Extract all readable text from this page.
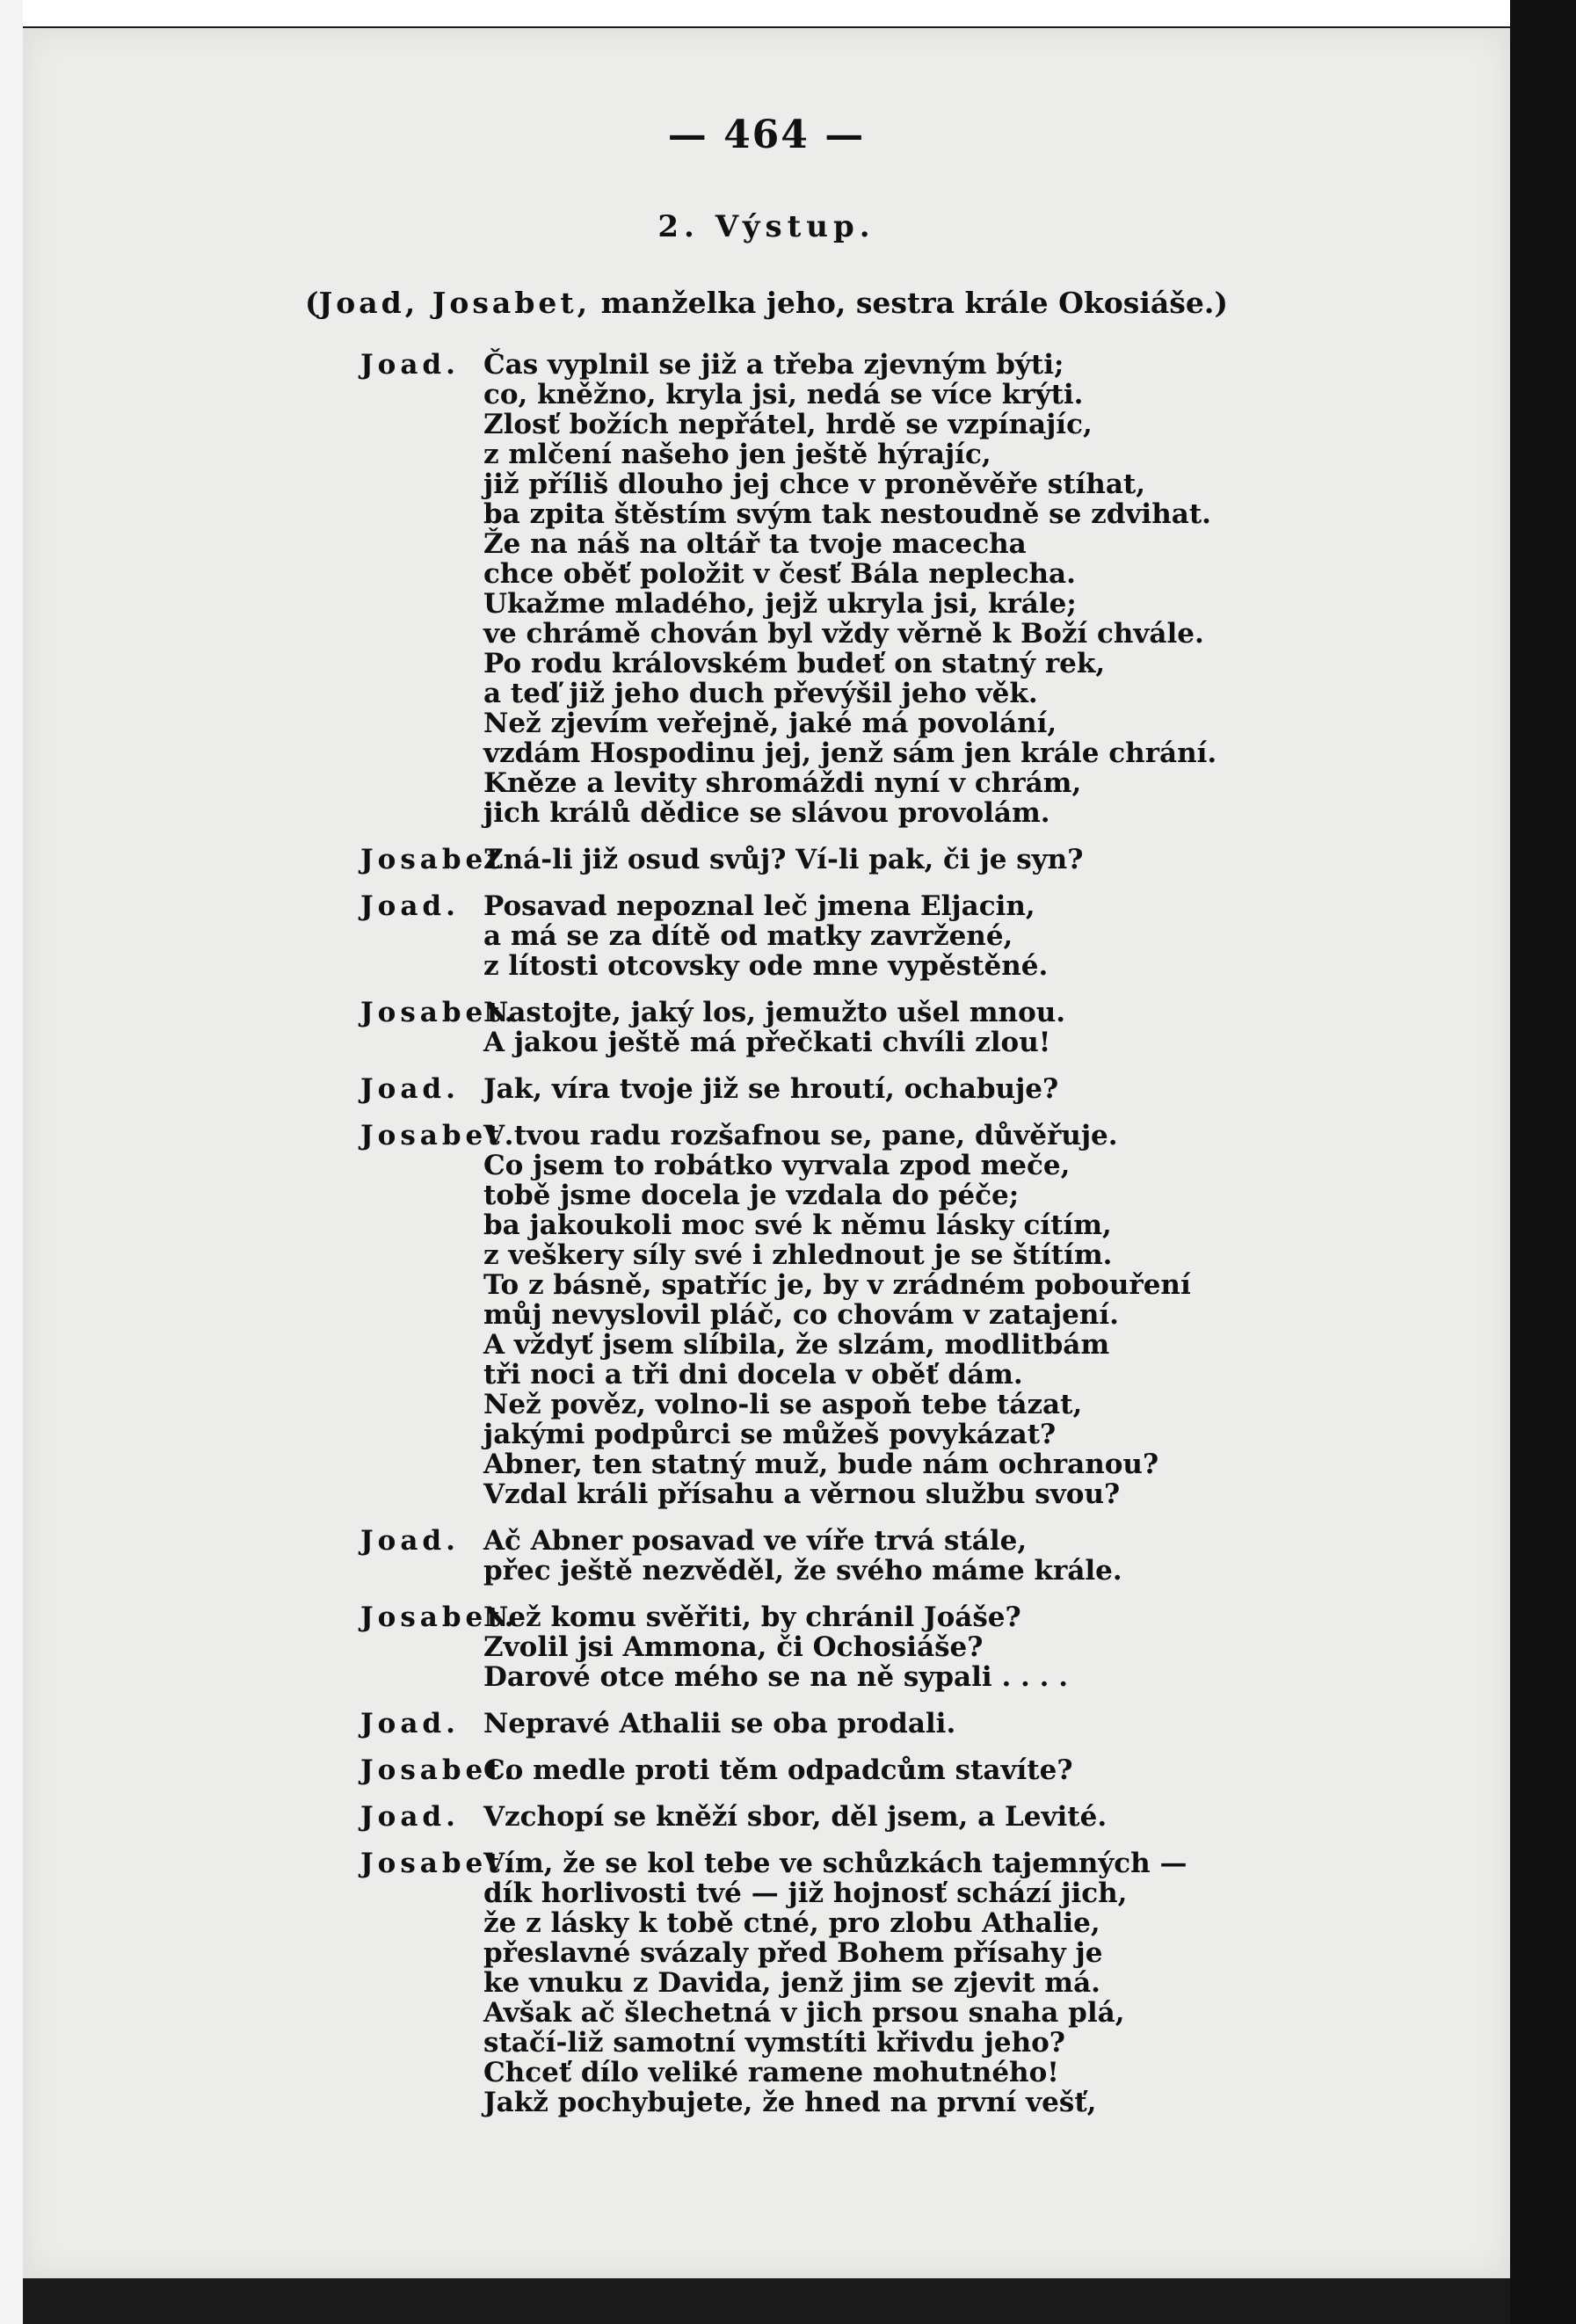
— 464 —
2. Výstup.
(Joad, Josabet, manželka jeho, sestra krále Okosiáše.)
Joad. Čas vyplnil se již a třeba zjevným býti;
co, kněžno, kryla jsi, nedá se více krýti.
Zlosť božích nepřátel, hrdě se vzpínajíc,
z mlčení našeho jen ještě hýrajíc,
již příliš dlouho jej chce v proněvěře stíhat,
ba zpita štěstím svým tak nestoudně se zdvihat.
Že na náš na oltář ta tvoje macecha
chce oběť položit v česť Bála neplecha.
Ukažme mladého, jejž ukryla jsi, krále;
ve chrámě chován byl vždy věrně k Boží chvále.
Po rodu královském budeť on statný rek,
a teď již jeho duch převýšil jeho věk.
Než zjevím veřejně, jaké má povolání,
vzdám Hospodinu jej, jenž sám jen krále chrání.
Kněze a levity shromáždi nyní v chrám,
jich králů dědice se slávou provolám.
Josabet.
Zná-li již osud svůj? Ví-li pak, či je syn?
Joad. Posavad nepoznal leč jmena Eljacin,
a má se za dítě od matky zavržené,
z lítosti otcovsky ode mne vypěstěné.
Josabet.
Nastojte, jaký los, jemužto ušel mnou.
A jakou ještě má přečkati chvíli zlou!
Joad. Jak, víra tvoje již se hroutí, ochabuje?
Josabet.
V tvou radu rozšafnou se, pane, důvěřuje.
Co jsem to robátko vyrvala zpod meče,
tobě jsme docela je vzdala do péče;
ba jakoukoli moc své k němu lásky cítím,
z veškery síly své i zhlednout je se štítím.
To z básně, spatříc je, by v zrádném pobouření
můj nevyslovil pláč, co chovám v zatajení.
A vždyť jsem slíbila, že slzám, modlitbám
tři noci a tři dni docela v oběť dám.
Než pověz, volno-li se aspoň tebe tázat,
jakými podpůrci se můžeš povykázat?
Abner, ten statný muž, bude nám ochranou?
Vzdal králi přísahu a věrnou službu svou?
Joad. Ač Abner posavad ve víře trvá stále,
přec ještě nezvěděl, že svého máme krále.
Josabet.
Než komu svěřiti, by chránil Joáše?
Zvolil jsi Ammona, či Ochosiáše?
Darové otce mého se na ně sypali . . . .
Joad. Nepravé Athalii se oba prodali.
Josabet.
Co medle proti těm odpadcům stavíte?
Joad. Vzchopí se kněží sbor, děl jsem, a Levité.
Josabet.
Vím, že se kol tebe ve schůzkách tajemných —
dík horlivosti tvé — již hojnosť schází jich,
že z lásky k tobě ctné, pro zlobu Athalie,
přeslavné svázaly před Bohem přísahy je
ke vnuku z Davida, jenž jim se zjevit má.
Avšak ač šlechetná v jich prsou snaha plá,
stačí-liž samotní vymstíti křivdu jeho?
Chceť dílo veliké ramene mohutného!
Jakž pochybujete, že hned na první vešť,
